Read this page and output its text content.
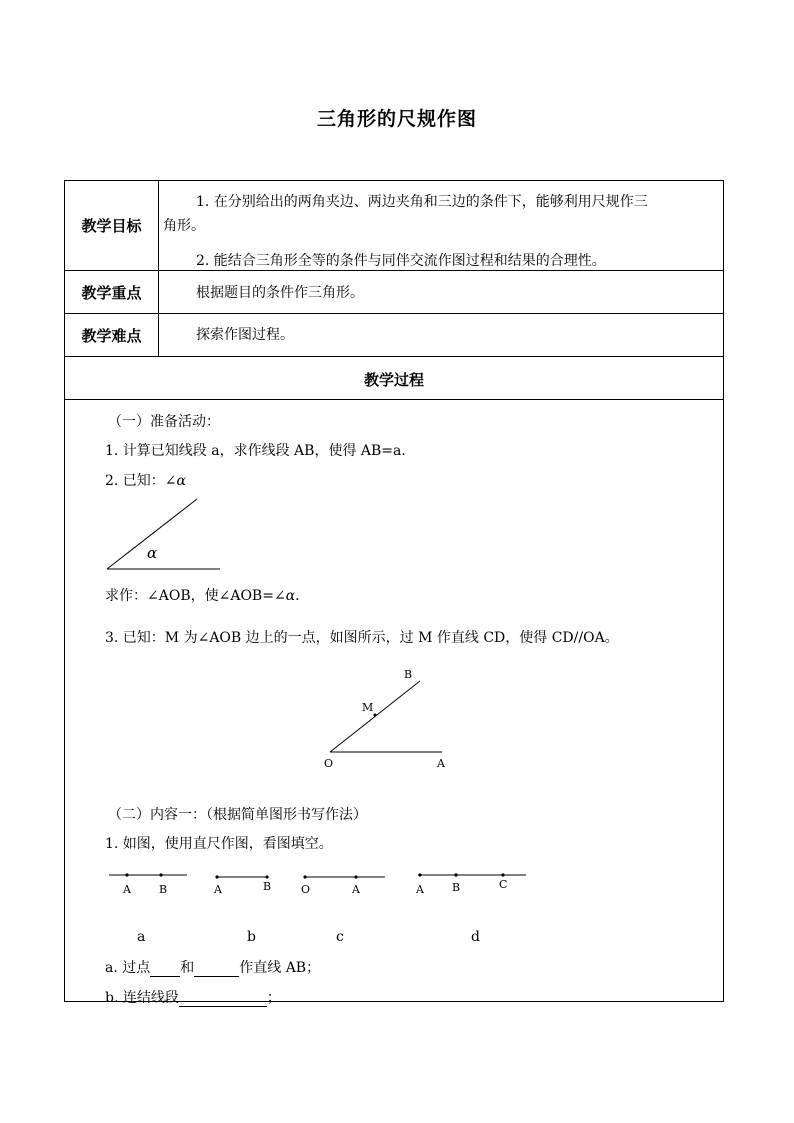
三角形的尺规作图
教学目标
1. 在分别给出的两角夹边、两边夹角和三边的条件下，能够利用尺规作三
角形。
2. 能结合三角形全等的条件与同伴交流作图过程和结果的合理性。
教学重点	根据题目的条件作三角形。
教学难点	探索作图过程。
教学过程
（一）准备活动：
1. 计算已知线段 a，求作线段 AB，使得 AB=a．
2. 已知：∠α
α
求作：∠AOB，使∠AOB=∠α.
3. 已知：M 为∠AOB 边上的一点，如图所示，过 M 作直线 CD，使得 CD//OA。
B
M
O	A
（二）内容一：（根据简单图形书写作法）
1. 如图，使用直尺作图，看图填空。
A	B	A	B	O	A	A	B	C
a	b	c	d
a. 过点 和	作直线 AB；
b. 连结线段	；
